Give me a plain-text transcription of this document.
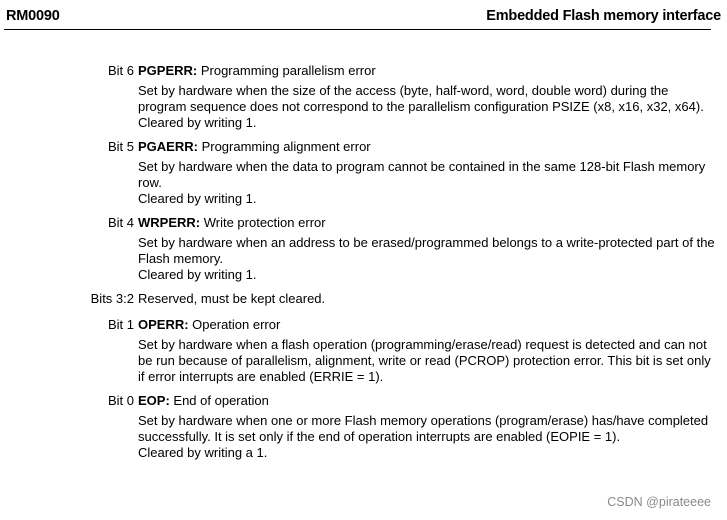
RM0090	Embedded Flash memory interface
Bit 6 PGPERR: Programming parallelism error

Set by hardware when the size of the access (byte, half-word, word, double word) during the program sequence does not correspond to the parallelism configuration PSIZE (x8, x16, x32, x64).

Cleared by writing 1.

Bit 5 PGAERR: Programming alignment error

Set by hardware when the data to program cannot be contained in the same 128-bit Flash memory row.

Cleared by writing 1.

Bit 4 WRPERR: Write protection error

Set by hardware when an address to be erased/programmed belongs to a write-protected part of the Flash memory.

Cleared by writing 1.

Bits 3:2 Reserved, must be kept cleared.
Bit 1 OPERR: Operation error

Set by hardware when a flash operation (programming/erase/read) request is detected and can not be run because of parallelism, alignment, write or read (PCROP) protection error. This bit is set only if error interrupts are enabled (ERRIE = 1).

Bit 0 EOP: End of operation

Set by hardware when one or more Flash memory operations (program/erase) has/have completed successfully. It is set only if the end of operation interrupts are enabled (EOPIE = 1).

Cleared by writing a 1.

CSDN @pirateeee
